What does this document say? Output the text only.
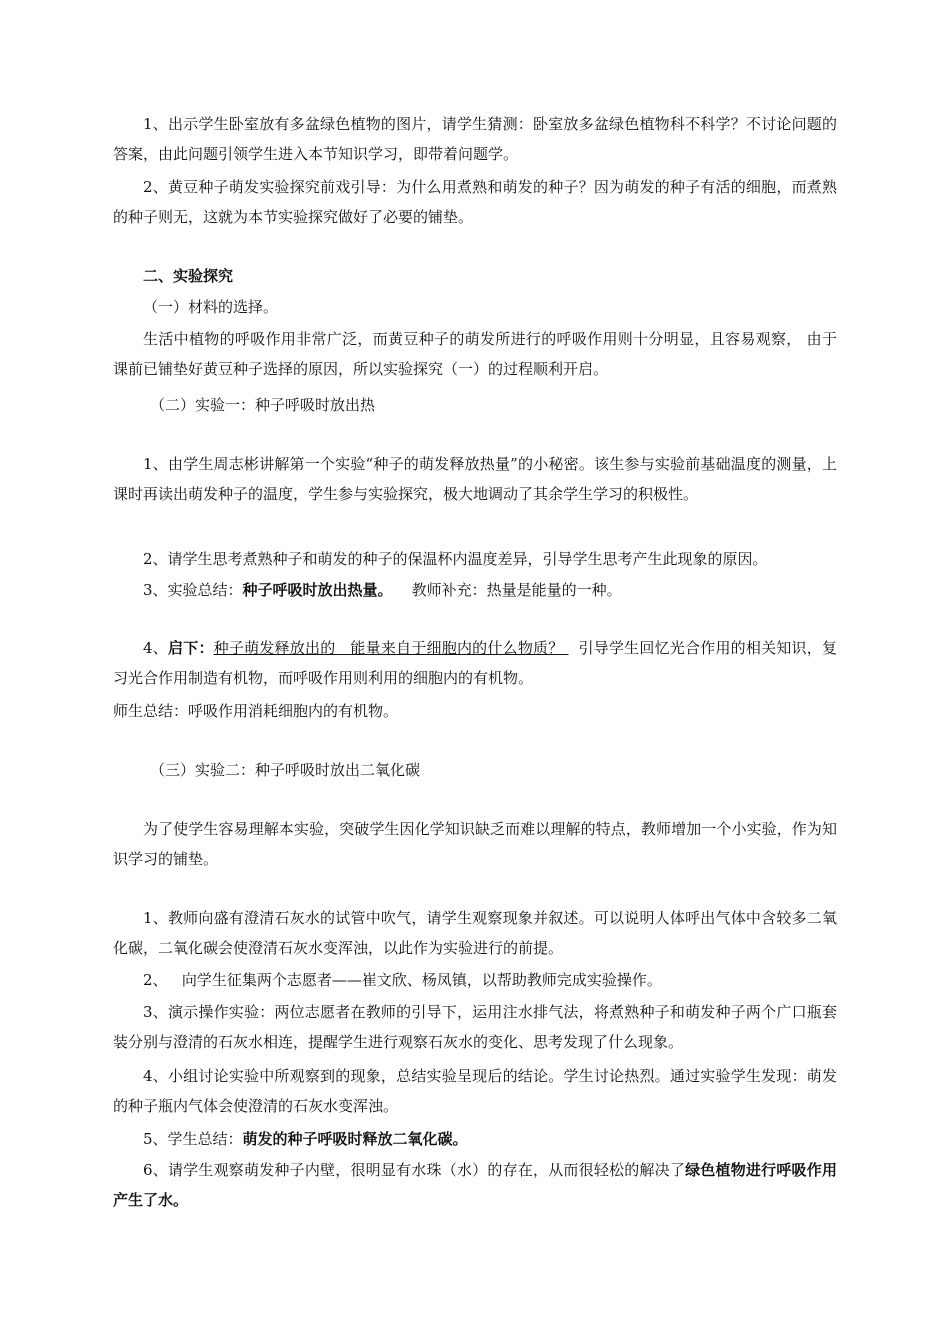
1、出示学生卧室放有多盆绿色植物的图片，请学生猜测：卧室放多盆绿色植物科不科学？不讨论问题的答案，由此问题引领学生进入本节知识学习，即带着问题学。

2、黄豆种子萌发实验探究前戏引导：为什么用煮熟和萌发的种子？因为萌发的种子有活的细胞，而煮熟的种子则无，这就为本节实验探究做好了必要的铺垫。

二、实验探究

（一）材料的选择。

生活中植物的呼吸作用非常广泛，而黄豆种子的萌发所进行的呼吸作用则十分明显，且容易观察， 由于课前已铺垫好黄豆种子选择的原因，所以实验探究（一）的过程顺利开启。

（二）实验一：种子呼吸时放出热

1、由学生周志彬讲解第一个实验“种子的萌发释放热量”的小秘密。该生参与实验前基础温度的测量，上课时再读出萌发种子的温度，学生参与实验探究，极大地调动了其余学生学习的积极性。

2、请学生思考煮熟种子和萌发的种子的保温杯内温度差异，引导学生思考产生此现象的原因。

3、实验总结：种子呼吸时放出热量。    教师补充：热量是能量的一种。

4、启下：种子萌发释放出的   能量来自于细胞内的什么物质？   引导学生回忆光合作用的相关知识，复习光合作用制造有机物，而呼吸作用则利用的细胞内的有机物。

师生总结：呼吸作用消耗细胞内的有机物。

（三）实验二：种子呼吸时放出二氧化碳

为了使学生容易理解本实验，突破学生因化学知识缺乏而难以理解的特点，教师增加一个小实验，作为知识学习的铺垫。

1、教师向盛有澄清石灰水的试管中吹气，请学生观察现象并叙述。可以说明人体呼出气体中含较多二氧化碳，二氧化碳会使澄清石灰水变浑浊，以此作为实验进行的前提。

2、   向学生征集两个志愿者——崔文欣、杨凤镇，以帮助教师完成实验操作。

3、演示操作实验：两位志愿者在教师的引导下，运用注水排气法，将煮熟种子和萌发种子两个广口瓶套装分别与澄清的石灰水相连，提醒学生进行观察石灰水的变化、思考发现了什么现象。

4、小组讨论实验中所观察到的现象，总结实验呈现后的结论。学生讨论热烈。通过实验学生发现：萌发的种子瓶内气体会使澄清的石灰水变浑浊。

5、学生总结：萌发的种子呼吸时释放二氧化碳。

6、请学生观察萌发种子内壁，很明显有水珠（水）的存在，从而很轻松的解决了绿色植物进行呼吸作用产生了水。
